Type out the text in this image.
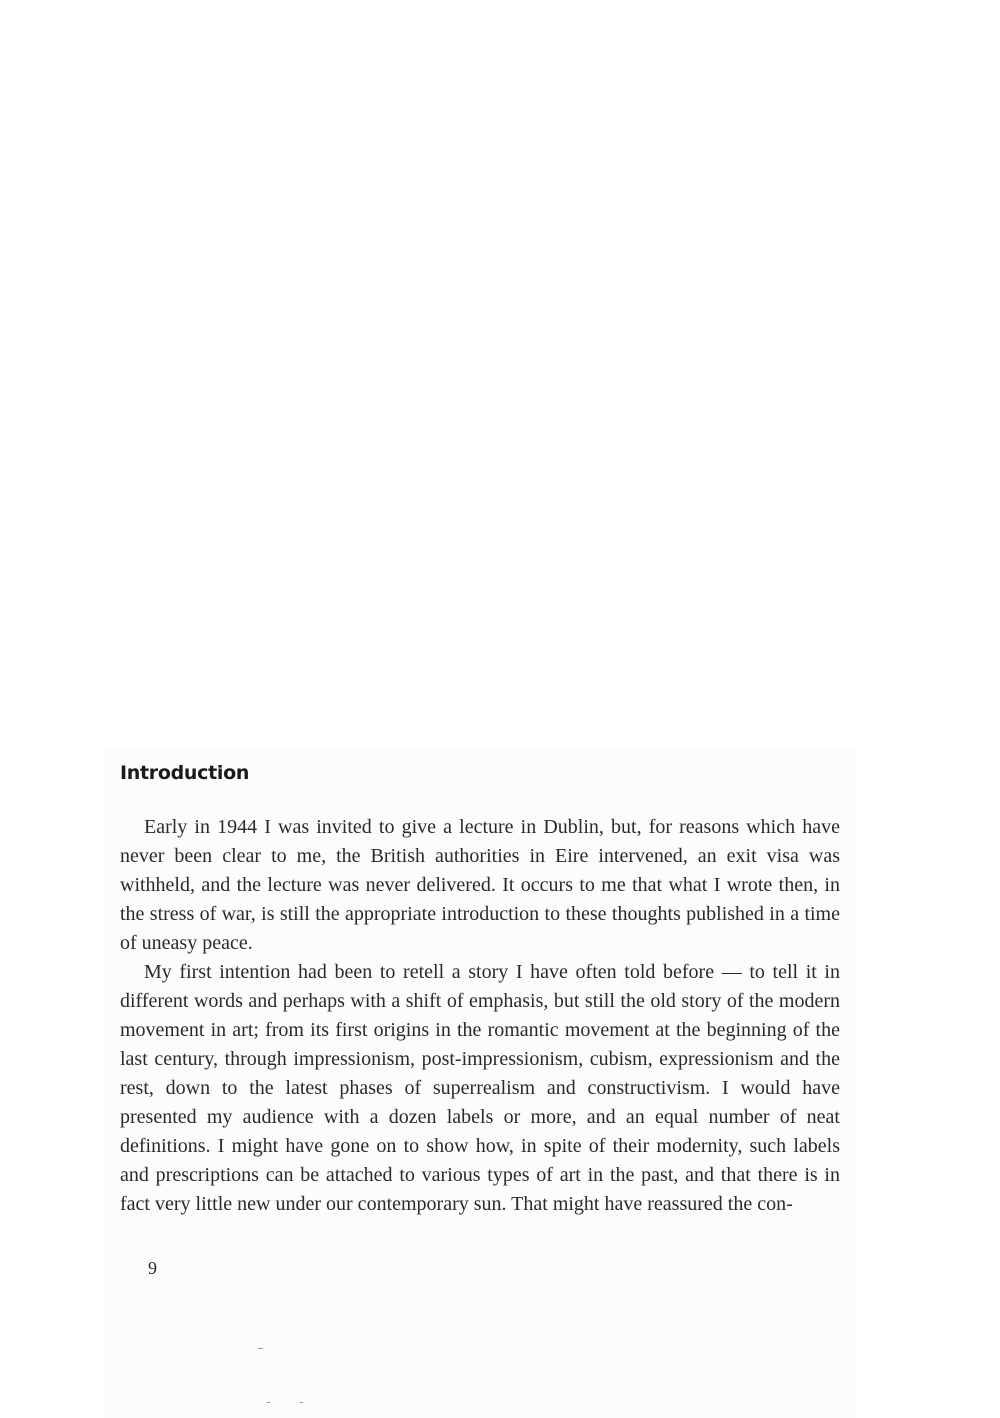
Introduction

Early in 1944 I was invited to give a lecture in Dublin, but, for reasons which have never been clear to me, the British authorities in Eire intervened, an exit visa was withheld, and the lecture was never delivered. It occurs to me that what I wrote then, in the stress of war, is still the appropriate introduction to these thoughts published in a time of uneasy peace.

My first intention had been to retell a story I have often told before — to tell it in different words and perhaps with a shift of emphasis, but still the old story of the modern movement in art; from its first origins in the romantic movement at the beginning of the last century, through impressionism, post-impressionism, cubism, expressionism and the rest, down to the latest phases of superrealism and constructivism. I would have presented my audience with a dozen labels or more, and an equal number of neat definitions. I might have gone on to show how, in spite of their modernity, such labels and prescriptions can be attached to various types of art in the past, and that there is in fact very little new under our contemporary sun. That might have reassured the con-

9
